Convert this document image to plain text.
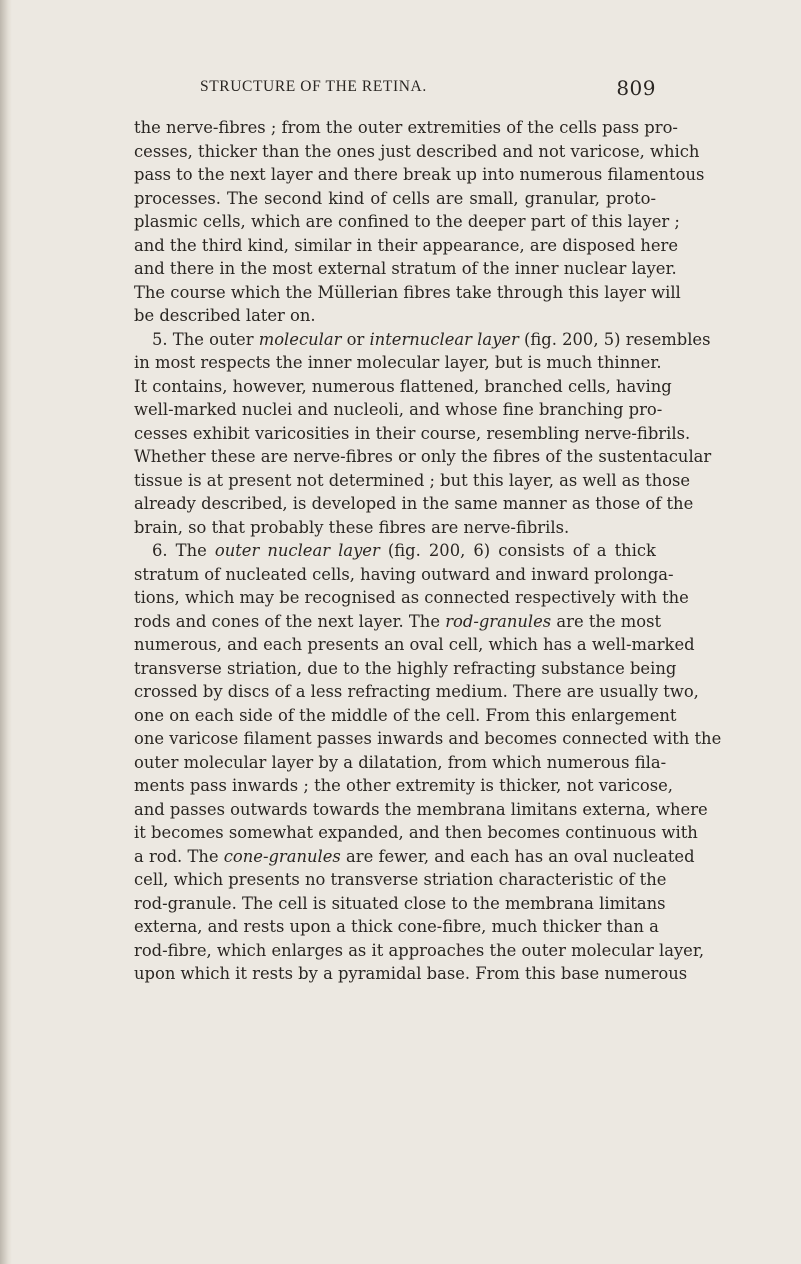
STRUCTURE OF THE RETINA.	809
the nerve-fibres ; from the outer extremities of the cells pass pro-
cesses, thicker than the ones just described and not varicose, which
pass to the next layer and there break up into numerous filamentous
processes. The second kind of cells are small, granular, proto-
plasmic cells, which are confined to the deeper part of this layer ;
and the third kind, similar in their appearance, are disposed here
and there in the most external stratum of the inner nuclear layer.
The course which the Müllerian fibres take through this layer will
be described later on.
5. The outer molecular or internuclear layer (fig. 200, 5) resembles
in most respects the inner molecular layer, but is much thinner.
It contains, however, numerous flattened, branched cells, having
well-marked nuclei and nucleoli, and whose fine branching pro-
cesses exhibit varicosities in their course, resembling nerve-fibrils.
Whether these are nerve-fibres or only the fibres of the sustentacular
tissue is at present not determined ; but this layer, as well as those
already described, is developed in the same manner as those of the
brain, so that probably these fibres are nerve-fibrils.
6. The outer nuclear layer (fig. 200, 6) consists of a thick
stratum of nucleated cells, having outward and inward prolonga-
tions, which may be recognised as connected respectively with the
rods and cones of the next layer. The rod-granules are the most
numerous, and each presents an oval cell, which has a well-marked
transverse striation, due to the highly refracting substance being
crossed by discs of a less refracting medium. There are usually two,
one on each side of the middle of the cell. From this enlargement
one varicose filament passes inwards and becomes connected with the
outer molecular layer by a dilatation, from which numerous fila-
ments pass inwards ; the other extremity is thicker, not varicose,
and passes outwards towards the membrana limitans externa, where
it becomes somewhat expanded, and then becomes continuous with
a rod. The cone-granules are fewer, and each has an oval nucleated
cell, which presents no transverse striation characteristic of the
rod-granule. The cell is situated close to the membrana limitans
externa, and rests upon a thick cone-fibre, much thicker than a
rod-fibre, which enlarges as it approaches the outer molecular layer,
upon which it rests by a pyramidal base. From this base numerous
